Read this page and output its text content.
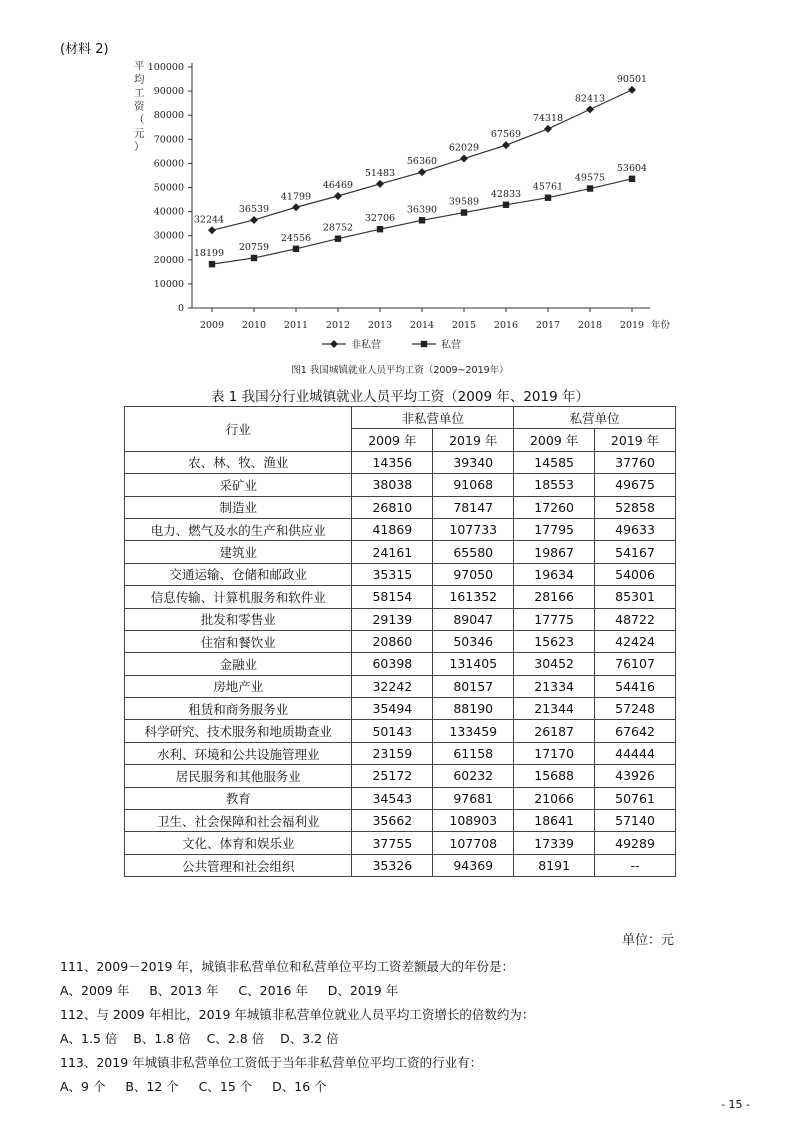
(材料 2)
0
10000
20000
30000
40000
50000
60000
70000
80000
90000
100000
2009 2010 2011 2012 2013 2014 2015 2016 2017 2018 2019 年份
平均工资（元）
32244
36539
41799
46469
51483
56360
62029
67569
74318
82413
90501
18199
20759
24556
28752
32706
36390
39589
42833
45761
49575
53604
非私营	私营
图1 我国城镇就业人员平均工资（2009~2019年）
表 1 我国分行业城镇就业人员平均工资（2009 年、2019 年）
行业	非私营单位		私营单位	
	2009 年	2019 年	2009 年	2019 年
农、林、牧、渔业	14356	39340	14585	37760
采矿业	38038	91068	18553	49675
制造业	26810	78147	17260	52858
电力、燃气及水的生产和供应业	41869	107733	17795	49633
建筑业	24161	65580	19867	54167
交通运输、仓储和邮政业	35315	97050	19634	54006
信息传输、计算机服务和软件业	58154	161352	28166	85301
批发和零售业	29139	89047	17775	48722
住宿和餐饮业	20860	50346	15623	42424
金融业	60398	131405	30452	76107
房地产业	32242	80157	21334	54416
租赁和商务服务业	35494	88190	21344	57248
科学研究、技术服务和地质勘查业	50143	133459	26187	67642
水利、环境和公共设施管理业	23159	61158	17170	44444
居民服务和其他服务业	25172	60232	15688	43926
教育	34543	97681	21066	50761
卫生、社会保障和社会福利业	35662	108903	18641	57140
文化、体育和娱乐业	37755	107708	17339	49289
公共管理和社会组织	35326	94369	8191	--
单位：元
111、2009－2019 年，城镇非私营单位和私营单位平均工资差额最大的年份是：
A、2009 年     B、2013 年     C、2016 年     D、2019 年
112、与 2009 年相比，2019 年城镇非私营单位就业人员平均工资增长的倍数约为：
A、1.5 倍    B、1.8 倍    C、2.8 倍    D、3.2 倍
113、2019 年城镇非私营单位工资低于当年非私营单位平均工资的行业有：
A、9 个     B、12 个     C、15 个     D、16 个
- 15 -
